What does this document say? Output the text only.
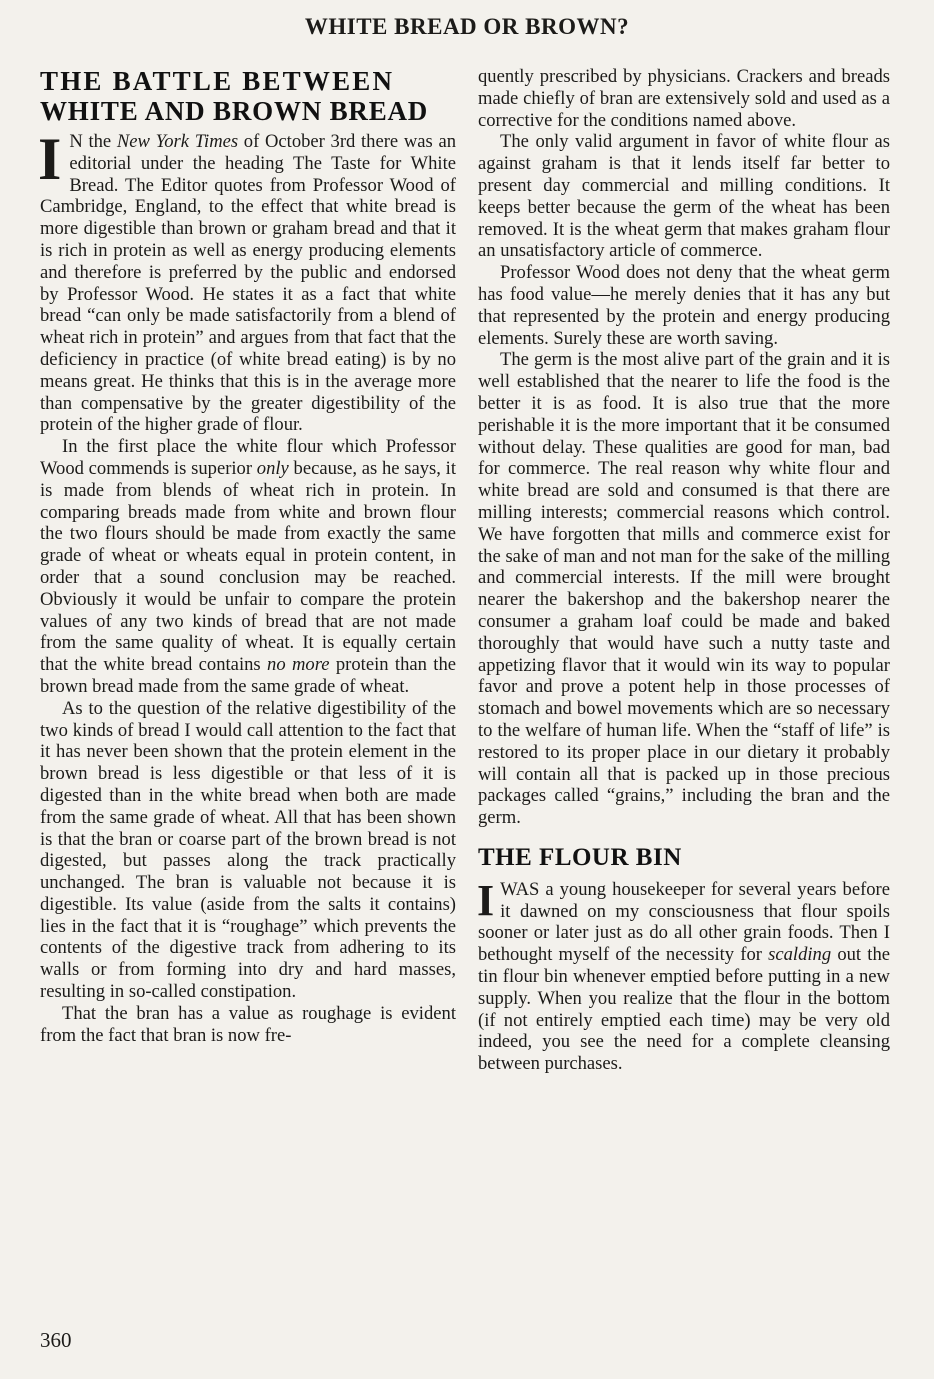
WHITE BREAD OR BROWN?
THE BATTLE BETWEEN
WHITE AND BROWN BREAD

I N the New York Times of October 3rd there was an editorial under the heading The Taste for White Bread. The Editor quotes from Professor Wood of Cambridge, England, to the effect that white bread is more digestible than brown or graham bread and that it is rich in protein as well as energy producing elements and therefore is preferred by the public and endorsed by Professor Wood. He states it as a fact that white bread “can only be made satisfactorily from a blend of wheat rich in protein” and argues from that fact that the deficiency in practice (of white bread eating) is by no means great. He thinks that this is in the average more than compensative by the greater digestibility of the protein of the higher grade of flour.

In the first place the white flour which Professor Wood commends is superior only because, as he says, it is made from blends of wheat rich in protein. In comparing breads made from white and brown flour the two flours should be made from exactly the same grade of wheat or wheats equal in protein content, in order that a sound conclusion may be reached. Obviously it would be unfair to compare the protein values of any two kinds of bread that are not made from the same quality of wheat. It is equally certain that the white bread contains no more protein than the brown bread made from the same grade of wheat.

As to the question of the relative digestibility of the two kinds of bread I would call attention to the fact that it has never been shown that the protein element in the brown bread is less digestible or that less of it is digested than in the white bread when both are made from the same grade of wheat. All that has been shown is that the bran or coarse part of the brown bread is not digested, but passes along the track practically unchanged. The bran is valuable not because it is digestible. Its value (aside from the salts it contains) lies in the fact that it is “roughage” which prevents the contents of the digestive track from adhering to its walls or from forming into dry and hard masses, resulting in so-called constipation.

That the bran has a value as roughage is evident from the fact that bran is now fre-

quently prescribed by physicians. Crackers and breads made chiefly of bran are extensively sold and used as a corrective for the conditions named above.

The only valid argument in favor of white flour as against graham is that it lends itself far better to present day commercial and milling conditions. It keeps better because the germ of the wheat has been removed. It is the wheat germ that makes graham flour an unsatisfactory article of commerce.

Professor Wood does not deny that the wheat germ has food value—he merely denies that it has any but that represented by the protein and energy producing elements. Surely these are worth saving.

The germ is the most alive part of the grain and it is well established that the nearer to life the food is the better it is as food. It is also true that the more perishable it is the more important that it be consumed without delay. These qualities are good for man, bad for commerce. The real reason why white flour and white bread are sold and consumed is that there are milling interests; commercial reasons which control. We have forgotten that mills and commerce exist for the sake of man and not man for the sake of the milling and commercial interests. If the mill were brought nearer the bakershop and the bakershop nearer the consumer a graham loaf could be made and baked thoroughly that would have such a nutty taste and appetizing flavor that it would win its way to popular favor and prove a potent help in those processes of stomach and bowel movements which are so necessary to the welfare of human life. When the “staff of life” is restored to its proper place in our dietary it probably will contain all that is packed up in those precious packages called “grains,” including the bran and the germ.

THE FLOUR BIN

I WAS a young housekeeper for several years before it dawned on my consciousness that flour spoils sooner or later just as do all other grain foods. Then I bethought myself of the necessity for scalding out the tin flour bin whenever emptied before putting in a new supply. When you realize that the flour in the bottom (if not entirely emptied each time) may be very old indeed, you see the need for a complete cleansing between purchases.

360
